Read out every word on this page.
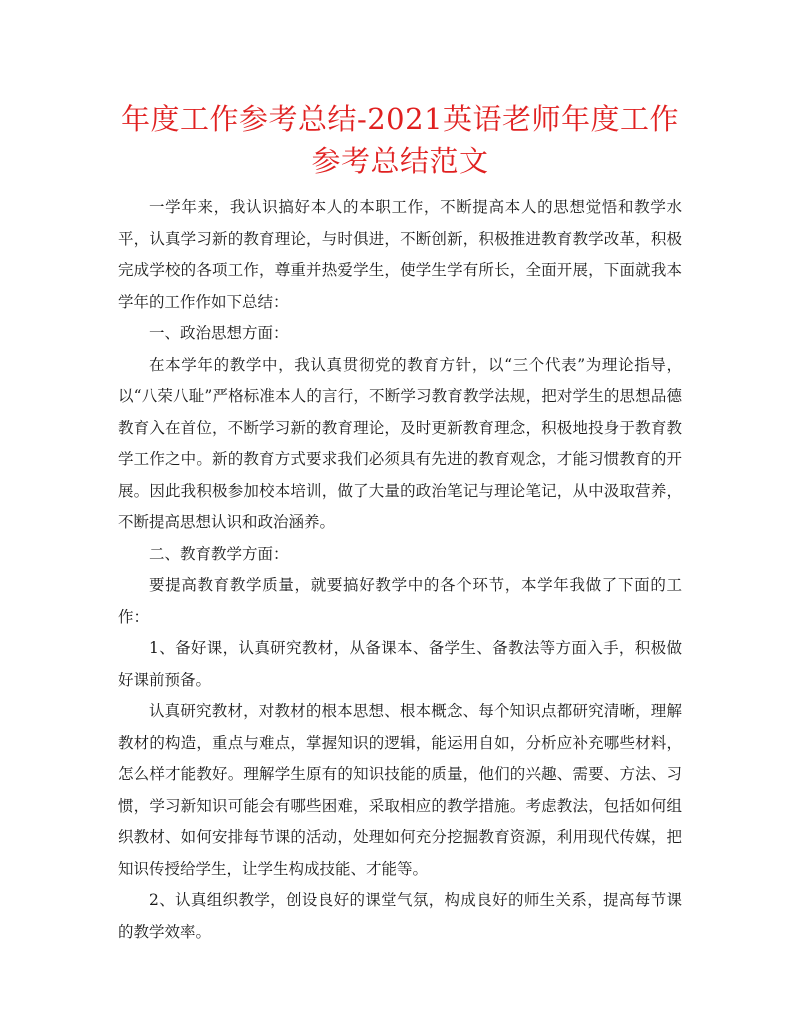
年度工作参考总结-2021英语老师年度工作参考总结范文

一学年来，我认识搞好本人的本职工作，不断提高本人的思想觉悟和教学水平，认真学习新的教育理论，与时俱进，不断创新，积极推进教育教学改革，积极完成学校的各项工作，尊重并热爱学生，使学生学有所长，全面开展，下面就我本学年的工作作如下总结：

一、政治思想方面：

在本学年的教学中，我认真贯彻党的教育方针，以“三个代表”为理论指导，以“八荣八耻”严格标准本人的言行，不断学习教育教学法规，把对学生的思想品德教育入在首位，不断学习新的教育理论，及时更新教育理念，积极地投身于教育教学工作之中。新的教育方式要求我们必须具有先进的教育观念，才能习惯教育的开展。因此我积极参加校本培训，做了大量的政治笔记与理论笔记，从中汲取营养，不断提高思想认识和政治涵养。

二、教育教学方面：

要提高教育教学质量，就要搞好教学中的各个环节，本学年我做了下面的工作：

1、备好课，认真研究教材，从备课本、备学生、备教法等方面入手，积极做好课前预备。

认真研究教材，对教材的根本思想、根本概念、每个知识点都研究清晰，理解教材的构造，重点与难点，掌握知识的逻辑，能运用自如，分析应补充哪些材料，怎么样才能教好。理解学生原有的知识技能的质量，他们的兴趣、需要、方法、习惯，学习新知识可能会有哪些困难，采取相应的教学措施。考虑教法，包括如何组织教材、如何安排每节课的活动，处理如何充分挖掘教育资源，利用现代传媒，把知识传授给学生，让学生构成技能、才能等。

2、认真组织教学，创设良好的课堂气氛，构成良好的师生关系，提高每节课的教学效率。
